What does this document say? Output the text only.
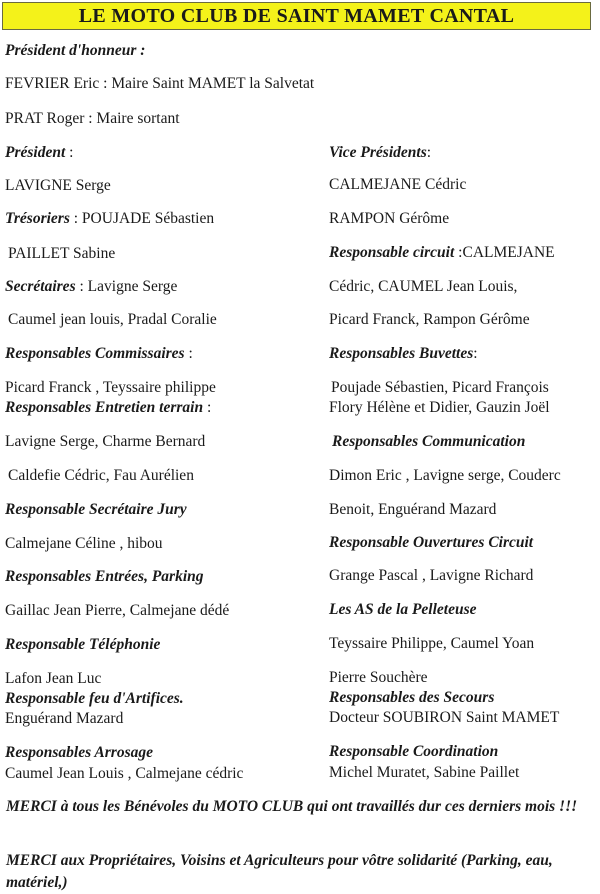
LE MOTO CLUB DE SAINT MAMET CANTAL
Président d'honneur :
FEVRIER Eric : Maire Saint MAMET la Salvetat
PRAT Roger : Maire sortant
Président :
LAVIGNE Serge
Trésoriers : POUJADE Sébastien
PAILLET Sabine
Secrétaires : Lavigne Serge
Caumel jean louis, Pradal Coralie
Responsables Commissaires :
Picard Franck , Teyssaire philippe
Responsables Entretien terrain :
Lavigne Serge, Charme Bernard
Caldefie Cédric, Fau Aurélien
Responsable Secrétaire Jury
Calmejane Céline , hibou
Responsables Entrées, Parking
Gaillac Jean Pierre, Calmejane dédé
Responsable Téléphonie
Lafon Jean Luc
Responsable feu d'Artifices.
Enguérand Mazard
Responsables Arrosage
Caumel Jean Louis , Calmejane cédric
Vice Présidents:
CALMEJANE Cédric
RAMPON Gérôme
Responsable circuit :CALMEJANE
Cédric, CAUMEL Jean Louis,
Picard Franck, Rampon Gérôme
Responsables Buvettes:
Poujade Sébastien, Picard François
Flory Hélène et Didier, Gauzin Joël
Responsables Communication
Dimon Eric , Lavigne serge, Couderc
Benoit, Enguérand Mazard
Responsable Ouvertures Circuit
Grange Pascal , Lavigne Richard
Les AS de la Pelleteuse
Teyssaire Philippe, Caumel Yoan
Pierre Souchère
Responsables des Secours
Docteur SOUBIRON Saint MAMET
Responsable Coordination
Michel Muratet, Sabine Paillet
MERCI à tous les Bénévoles du MOTO CLUB qui ont travaillés dur ces derniers mois !!!
MERCI aux Propriétaires, Voisins et Agriculteurs pour vôtre solidarité (Parking, eau, matériel,)
